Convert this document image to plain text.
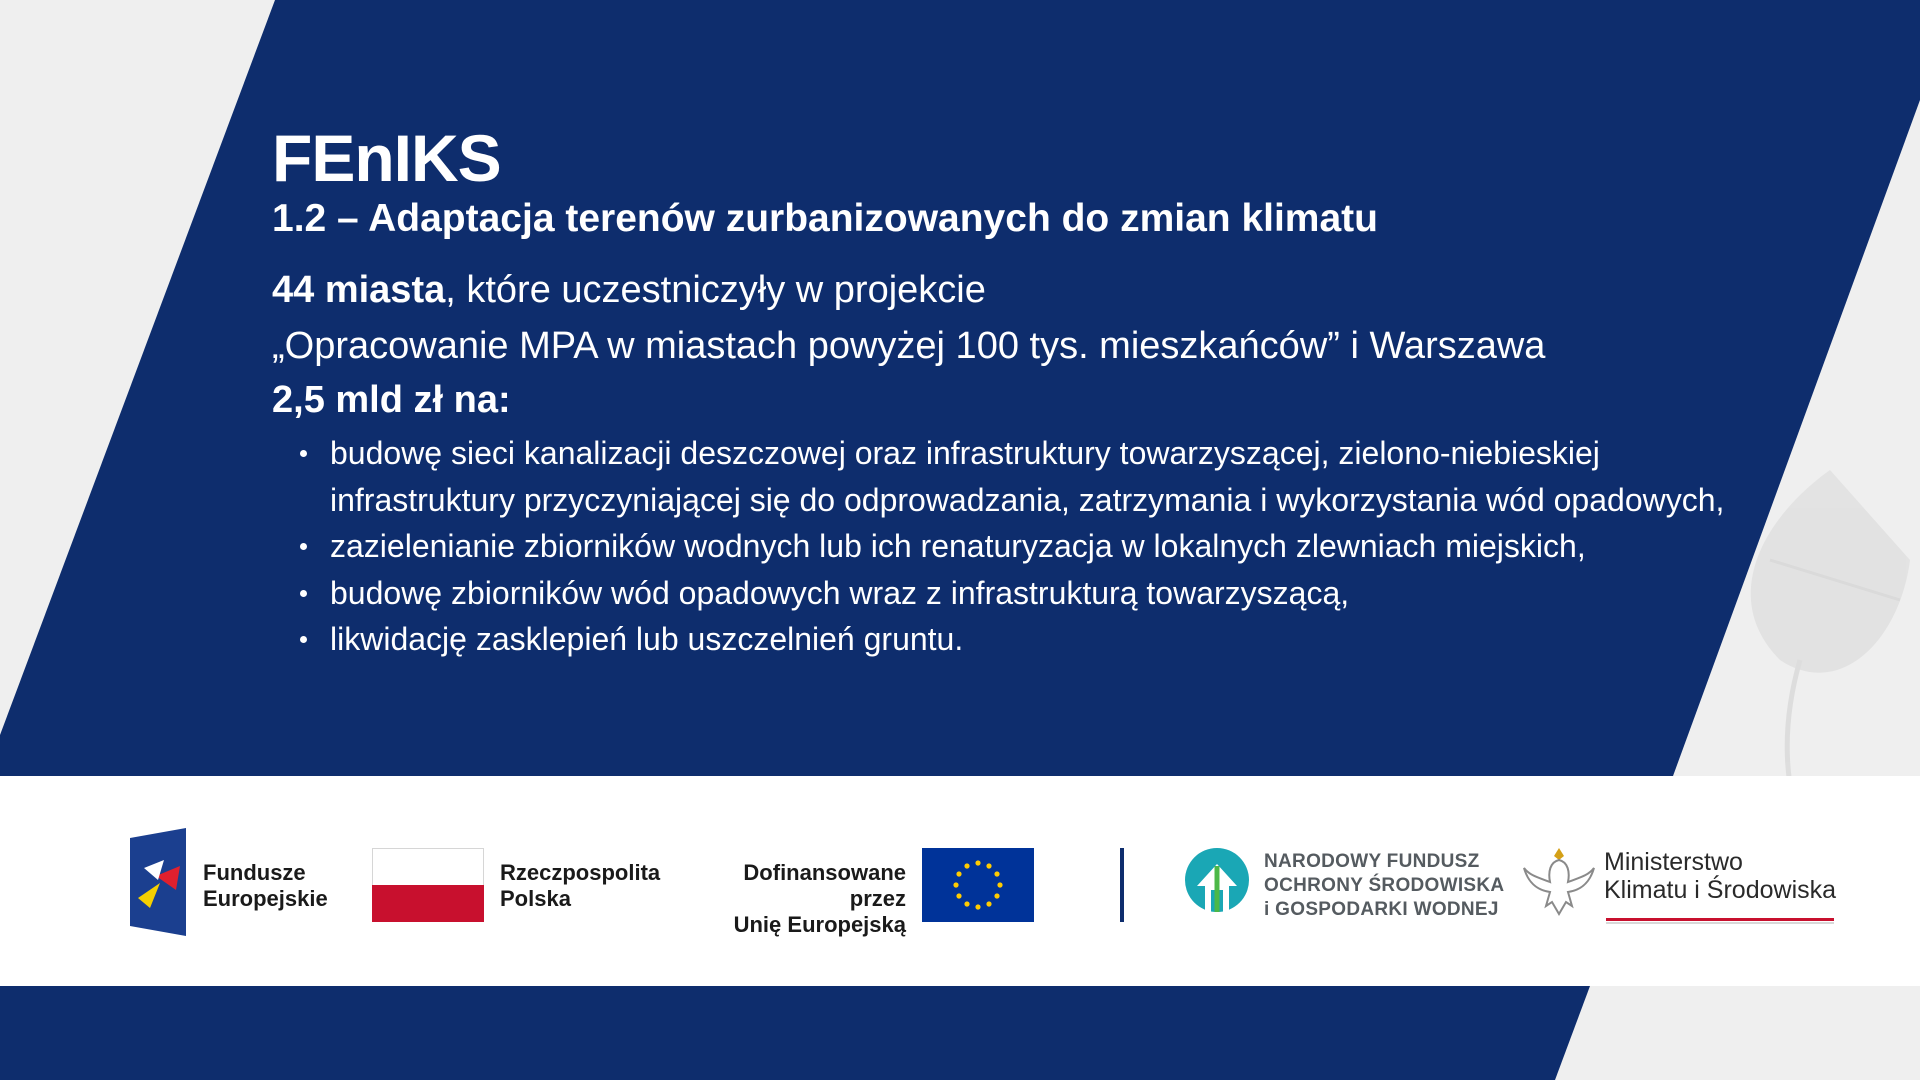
FEnIKS
1.2 – Adaptacja terenów zurbanizowanych do zmian klimatu

44 miasta, które uczestniczyły w projekcie

„Opracowanie MPA w miastach powyżej 100 tys. mieszkańców” i Warszawa

2,5 mld zł na:

budowę sieci kanalizacji deszczowej oraz infrastruktury towarzyszącej, zielono-niebieskiej infrastruktury przyczyniającej się do odprowadzania, zatrzymania i wykorzystania wód opadowych,
zazielenianie zbiorników wodnych lub ich renaturyzacja w lokalnych zlewniach miejskich,
budowę zbiorników wód opadowych wraz z infrastrukturą towarzyszącą,
likwidację zasklepień lub uszczelnień gruntu.
Fundusze
Europejskie
Rzeczpospolita
Polska
Dofinansowane przez
Unię Europejską
NARODOWY FUNDUSZ
OCHRONY ŚRODOWISKA
i GOSPODARKI WODNEJ
Ministerstwo
Klimatu i Środowiska
